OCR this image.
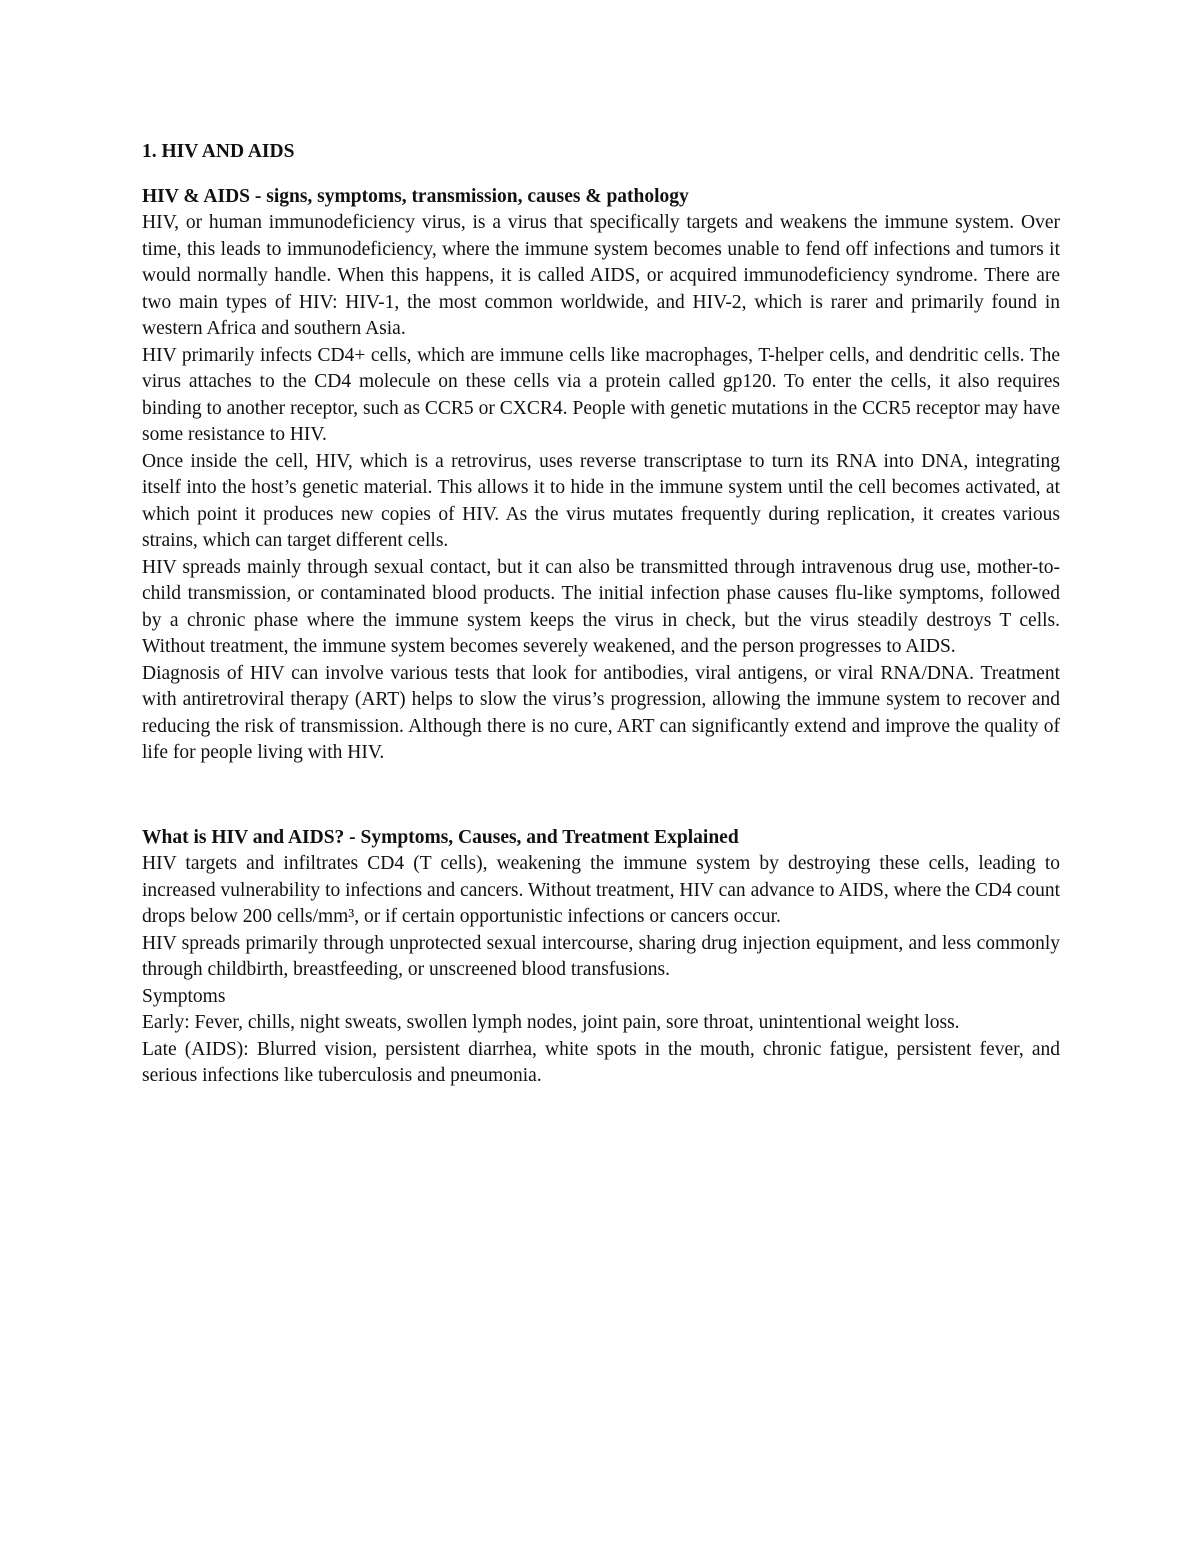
1. HIV AND AIDS
HIV & AIDS - signs, symptoms, transmission, causes & pathology

HIV, or human immunodeficiency virus, is a virus that specifically targets and weakens the immune system. Over time, this leads to immunodeficiency, where the immune system becomes unable to fend off infections and tumors it would normally handle. When this happens, it is called AIDS, or acquired immunodeficiency syndrome. There are two main types of HIV: HIV-1, the most common worldwide, and HIV-2, which is rarer and primarily found in western Africa and southern Asia.

HIV primarily infects CD4+ cells, which are immune cells like macrophages, T-helper cells, and dendritic cells. The virus attaches to the CD4 molecule on these cells via a protein called gp120. To enter the cells, it also requires binding to another receptor, such as CCR5 or CXCR4. People with genetic mutations in the CCR5 receptor may have some resistance to HIV.

Once inside the cell, HIV, which is a retrovirus, uses reverse transcriptase to turn its RNA into DNA, integrating itself into the host’s genetic material. This allows it to hide in the immune system until the cell becomes activated, at which point it produces new copies of HIV. As the virus mutates frequently during replication, it creates various strains, which can target different cells.

HIV spreads mainly through sexual contact, but it can also be transmitted through intravenous drug use, mother-to-child transmission, or contaminated blood products. The initial infection phase causes flu-like symptoms, followed by a chronic phase where the immune system keeps the virus in check, but the virus steadily destroys T cells. Without treatment, the immune system becomes severely weakened, and the person progresses to AIDS.

Diagnosis of HIV can involve various tests that look for antibodies, viral antigens, or viral RNA/DNA. Treatment with antiretroviral therapy (ART) helps to slow the virus’s progression, allowing the immune system to recover and reducing the risk of transmission. Although there is no cure, ART can significantly extend and improve the quality of life for people living with HIV.

What is HIV and AIDS? - Symptoms, Causes, and Treatment Explained

HIV targets and infiltrates CD4 (T cells), weakening the immune system by destroying these cells, leading to increased vulnerability to infections and cancers. Without treatment, HIV can advance to AIDS, where the CD4 count drops below 200 cells/mm³, or if certain opportunistic infections or cancers occur.

HIV spreads primarily through unprotected sexual intercourse, sharing drug injection equipment, and less commonly through childbirth, breastfeeding, or unscreened blood transfusions.

Symptoms

Early: Fever, chills, night sweats, swollen lymph nodes, joint pain, sore throat, unintentional weight loss.

Late (AIDS): Blurred vision, persistent diarrhea, white spots in the mouth, chronic fatigue, persistent fever, and serious infections like tuberculosis and pneumonia.
